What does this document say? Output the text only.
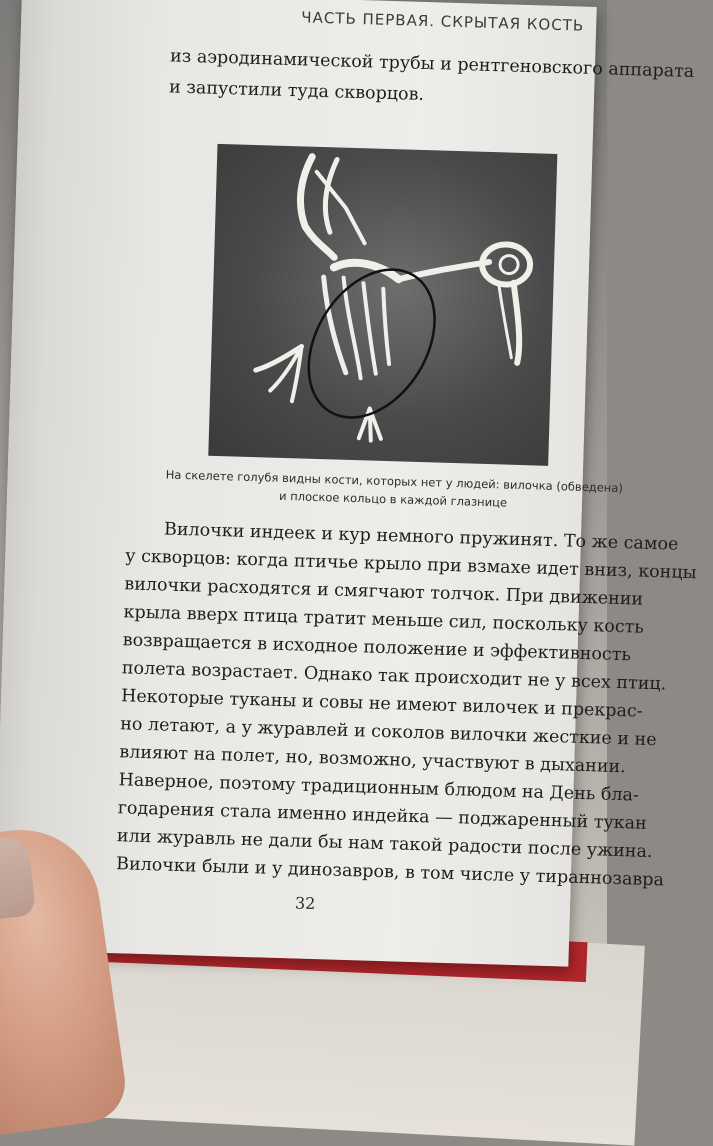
ЧАСТЬ ПЕРВАЯ. СКРЫТАЯ КОСТЬ
из аэродинамической трубы и рентгеновского аппарата
и запустили туда скворцов.
На скелете голубя видны кости, которых нет у людей: вилочка (обведена)
и плоское кольцо в каждой глазнице
Вилочки индеек и кур немного пружинят. То же самое
у скворцов: когда птичье крыло при взмахе идет вниз, концы
вилочки расходятся и смягчают толчок. При движении
крыла вверх птица тратит меньше сил, поскольку кость
возвращается в исходное положение и эффективность
полета возрастает. Однако так происходит не у всех птиц.
Некоторые туканы и совы не имеют вилочек и прекрас-
но летают, а у журавлей и соколов вилочки жесткие и не
влияют на полет, но, возможно, участвуют в дыхании.
Наверное, поэтому традиционным блюдом на День бла-
годарения стала именно индейка — поджаренный тукан
или журавль не дали бы нам такой радости после ужина.
Вилочки были и у динозавров, в том числе у тираннозавра
32
